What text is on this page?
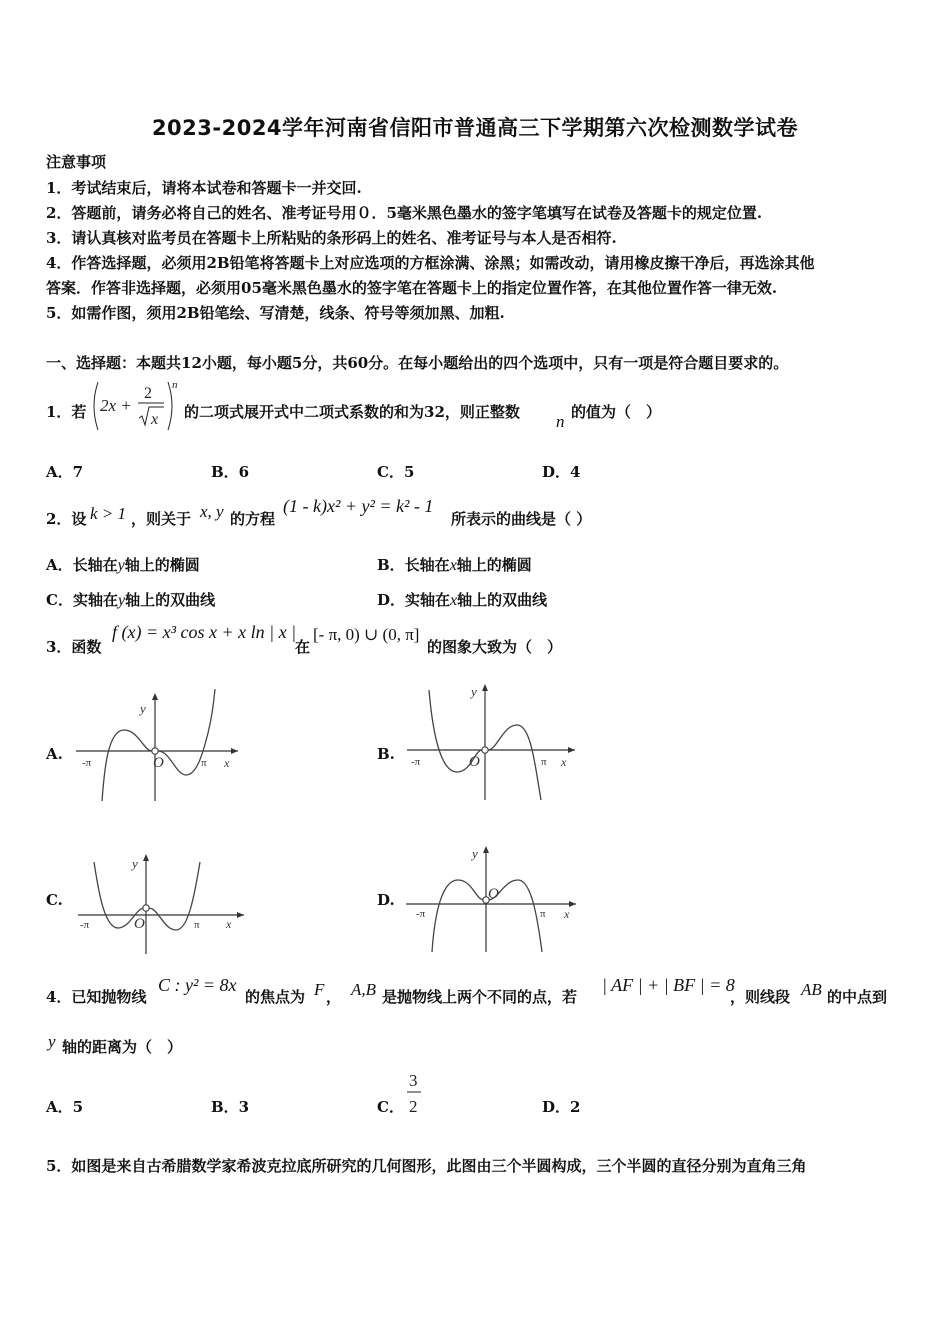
2023-2024学年河南省信阳市普通高三下学期第六次检测数学试卷
注意事项
1．考试结束后，请将本试卷和答题卡一并交回.
2．答题前，请务必将自己的姓名、准考证号用０．5毫米黑色墨水的签字笔填写在试卷及答题卡的规定位置.
3．请认真核对监考员在答题卡上所粘贴的条形码上的姓名、准考证号与本人是否相符.
4．作答选择题，必须用2B铅笔将答题卡上对应选项的方框涂满、涂黑；如需改动，请用橡皮擦干净后，再选涂其他
答案．作答非选择题，必须用05毫米黑色墨水的签字笔在答题卡上的指定位置作答，在其他位置作答一律无效.
5．如需作图，须用2B铅笔绘、写清楚，线条、符号等须加黑、加粗.
一、选择题：本题共12小题，每小题5分，共60分。在每小题给出的四个选项中，只有一项是符合题目要求的。
1．若 2x +
2
x
n
的二项式展开式中二项式系数的和为32，则正整数 n 的值为（　）
A．7	B．6	C．5	D．4
2．设 k > 1 ，则关于 x, y 的方程
(1 - k)x² + y² = k² - 1
所表示的曲线是（ ）
A．长轴在y轴上的椭圆	B．长轴在x轴上的椭圆
C．实轴在y轴上的双曲线	D．实轴在x轴上的双曲线
3．函数
f (x) = x³ cos x + x ln | x |
在
[- π, 0) ∪ (0, π]
的图象大致为（　）
A.
y
x
O
-π	π	B.
y
x
O
-π	π
C.
y
x
O
-π	π
D.
y
x
O
-π	π
4．已知抛物线
C : y² = 8x
的焦点为 F ， A,B 是抛物线上两个不同的点，若
| AF | + | BF | = 8
，则线段 AB 的中点到
y 轴的距离为（　）
A．5	B．3	C．
3
2	D．2
5．如图是来自古希腊数学家希波克拉底所研究的几何图形，此图由三个半圆构成，三个半圆的直径分别为直角三角
